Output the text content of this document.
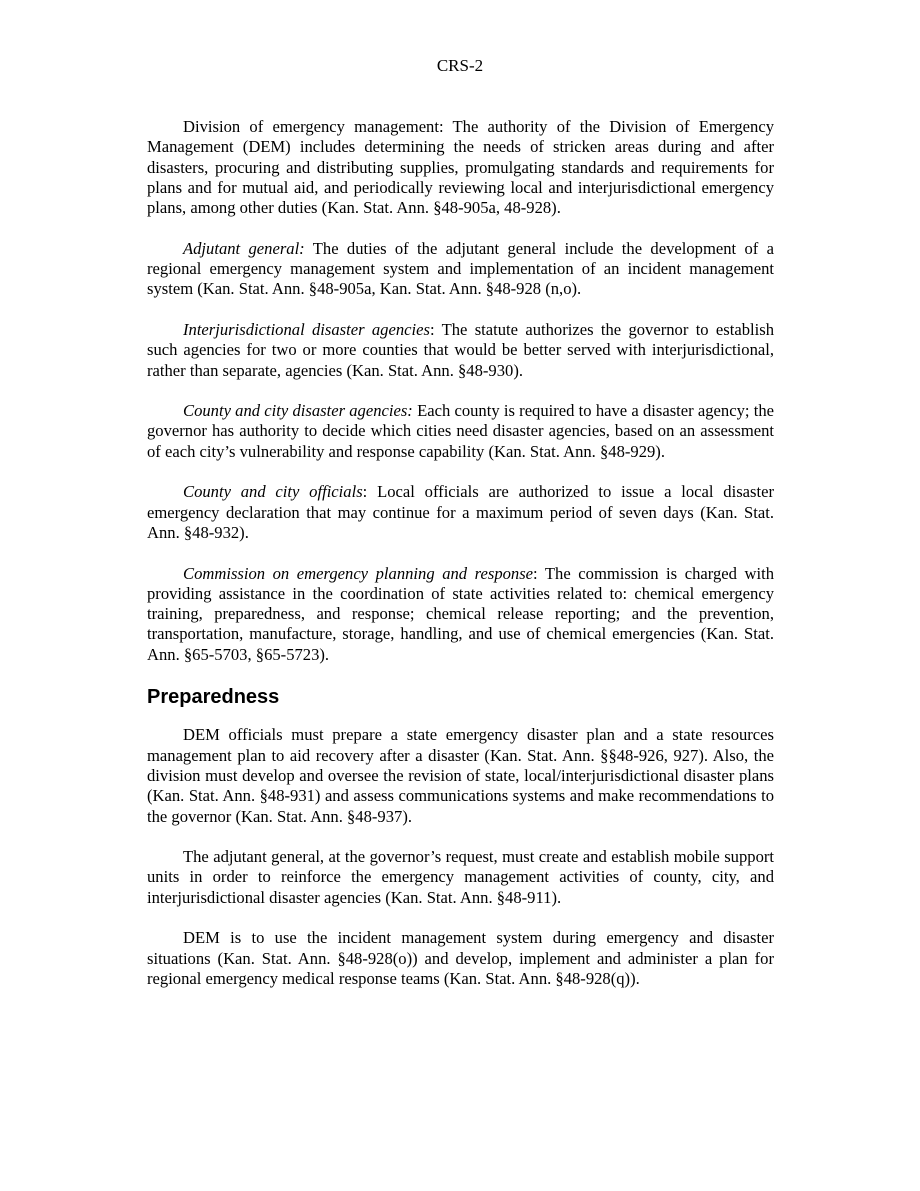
CRS-2

Division of emergency management: The authority of the Division of Emergency Management (DEM) includes determining the needs of stricken areas during and after disasters, procuring and distributing supplies, promulgating standards and requirements for plans and for mutual aid, and periodically reviewing local and interjurisdictional emergency plans, among other duties (Kan. Stat. Ann. §48-905a, 48-928).

Adjutant general: The duties of the adjutant general include the development of a regional emergency management system and implementation of an incident management system (Kan. Stat. Ann. §48-905a, Kan. Stat. Ann. §48-928 (n,o).

Interjurisdictional disaster agencies: The statute authorizes the governor to establish such agencies for two or more counties that would be better served with interjurisdictional, rather than separate, agencies (Kan. Stat. Ann. §48-930).

County and city disaster agencies: Each county is required to have a disaster agency; the governor has authority to decide which cities need disaster agencies, based on an assessment of each city’s vulnerability and response capability (Kan. Stat. Ann. §48-929).

County and city officials: Local officials are authorized to issue a local disaster emergency declaration that may continue for a maximum period of seven days (Kan. Stat. Ann. §48-932).

Commission on emergency planning and response: The commission is charged with providing assistance in the coordination of state activities related to: chemical emergency training, preparedness, and response; chemical release reporting; and the prevention, transportation, manufacture, storage, handling, and use of chemical emergencies (Kan. Stat. Ann. §65-5703, §65-5723).

Preparedness

DEM officials must prepare a state emergency disaster plan and a state resources management plan to aid recovery after a disaster (Kan. Stat. Ann. §§48-926, 927). Also, the division must develop and oversee the revision of state, local/interjurisdictional disaster plans (Kan. Stat. Ann. §48-931) and assess communications systems and make recommendations to the governor (Kan. Stat. Ann. §48-937).

The adjutant general, at the governor’s request, must create and establish mobile support units in order to reinforce the emergency management activities of county, city, and interjurisdictional disaster agencies (Kan. Stat. Ann. §48-911).

DEM is to use the incident management system during emergency and disaster situations (Kan. Stat. Ann. §48-928(o)) and develop, implement and administer a plan for regional emergency medical response teams (Kan. Stat. Ann. §48-928(q)).
